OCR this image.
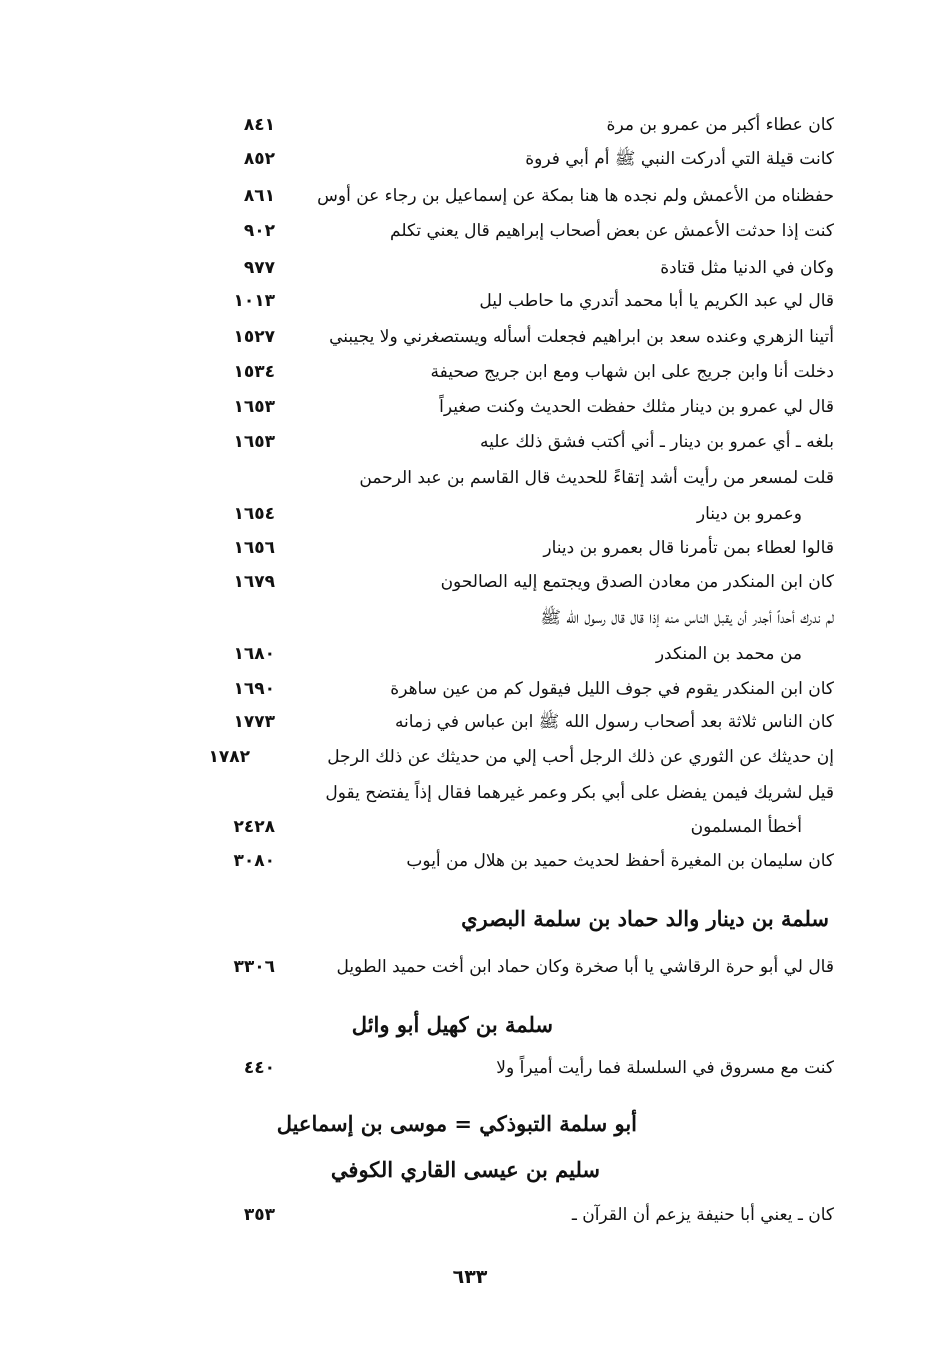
كان عطاء أكبر من عمرو بن مرة
٨٤١
كانت قيلة التي أدركت النبي ﷺ أم أبي فروة
٨٥٢
حفظناه من الأعمش ولم نجده ها هنا بمكة عن إسماعيل بن رجاء عن أوس
٨٦١
كنت إذا حدثت الأعمش عن بعض أصحاب إبراهيم قال يعني تكلم
٩٠٢
وكان في الدنيا مثل قتادة
٩٧٧
قال لي عبد الكريم يا أبا محمد أتدري ما حاطب ليل
١٠١٣
أتينا الزهري وعنده سعد بن ابراهيم فجعلت أسأله ويستصغرني ولا يجيبني
١٥٢٧
دخلت أنا وابن جريج على ابن شهاب ومع ابن جريج صحيفة
١٥٣٤
قال لي عمرو بن دينار مثلك حفظت الحديث وكنت صغيراً
١٦٥٣
بلغه ـ أي عمرو بن دينار ـ أني أكتب فشق ذلك عليه
١٦٥٣
قلت لمسعر من رأيت أشد إتقاءً للحديث قال القاسم بن عبد الرحمن
وعمرو بن دينار
١٦٥٤
قالوا لعطاء بمن تأمرنا قال بعمرو بن دينار
١٦٥٦
كان ابن المنكدر من معادن الصدق ويجتمع إليه الصالحون
١٦٧٩
لم ندرك أحداً أجدر أن يقبل الناس منه إذا قال قال رسول الله ﷺ
من محمد بن المنكدر
١٦٨٠
كان ابن المنكدر يقوم في جوف الليل فيقول كم من عين ساهرة
١٦٩٠
كان الناس ثلاثة بعد أصحاب رسول الله ﷺ ابن عباس في زمانه
١٧٧٣
إن حديثك عن الثوري عن ذلك الرجل أحب إلي من حديثك عن ذلك الرجل
١٧٨٢
قيل لشريك فيمن يفضل على أبي بكر وعمر غيرهما فقال إذاً يفتضح يقول
أخطأ المسلمون
٢٤٢٨
كان سليمان بن المغيرة أحفظ لحديث حميد بن هلال من أيوب
٣٠٨٠
سلمة بن دينار والد حماد بن سلمة البصري
قال لي أبو حرة الرقاشي يا أبا صخرة وكان حماد ابن أخت حميد الطويل
٣٣٠٦
سلمة بن كهيل أبو وائل
كنت مع مسروق في السلسلة فما رأيت أميراً ولا
٤٤٠
أبو سلمة التبوذكي = موسى بن إسماعيل
سليم بن عيسى القاري الكوفي
كان ـ يعني أبا حنيفة يزعم أن القرآن ـ
٣٥٣
٦٣٣
